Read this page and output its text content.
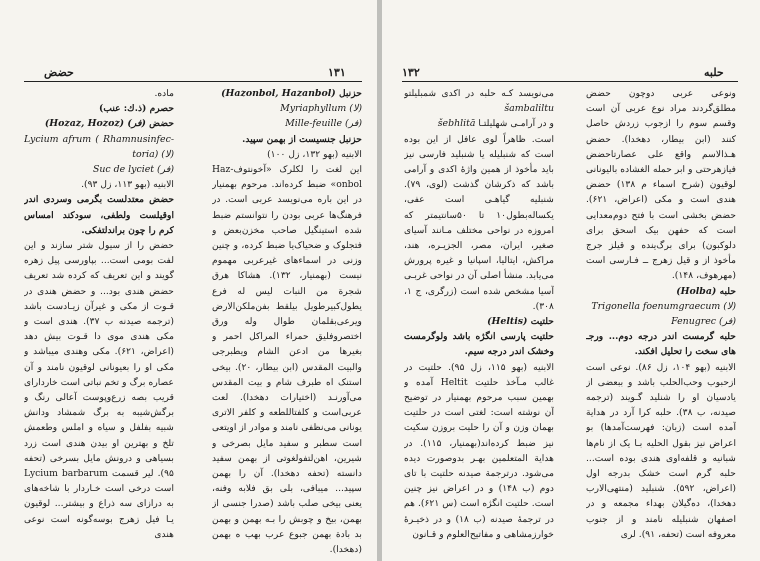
حضض	۱۳۱

حزنبل (Hazonbol, Hazanbol)

Myriaphyllum (لا)

Mille-feuille (فر)

حزنبل جنسیست از بهمن سپید.

الابنیه (بهو ۱۳۲، زل ۱۰۰)

این لغت را لکلرک «آخونتوف-Haz onbol» ضبط کرده‌اند. مرحوم بهمنیار در این باره می‌نویسد عربی است. در فرهنگ‌ها عربی بودن را نتوانستم ضبط شده استینگیل صاحب مخزن‌بعض و فتجلوک و ضحیاک‌یا ضبط کرده، و چنین وزنی در اسماء‌های غیرعربی مهموم نیست (بهمنیار، ۱۳۲). هشاکا هرق شجرة من النبات لیس له فرع یطول‌کبیرطویل بیلقط‌ بفن‌ملکن‌الارض ویرعی‌بقلمان‌ طوال وله ورق‌ اختصروفلیق‌ حمراء‌ المراکل‌ احمر و بغیرها من‌ ادعن‌ الشام‌ ویطبرجی‌ والبیت‌ المقدس (ابن بیطار، ۲۰). بیخی استنک‌ اه‌ طبرف‌ شام‌ و بیت‌ المقدس می‌آورنـد (اختیارات دهخدا). لعت عربی‌است و کلفتاللطعه‌ و کلفر الاتری یونانی می‌نظفی نامند و موادر از اویتعی است سطبر و سفید مایل بصرخی و شیرین، اهن‌لتفولغوتی از بهمن سفید دانسته (تحفه دهخدا). آن را بهمن سپید... میبافی، بلی بق فلابه وفنه، یعنی بیخی صلب باشد (صدرا جنسی از بهمن، بیخ و چوبش را بـه بهمن و بهمن بد بادة بهمن جبوع عرب‌ بهب ه بهمن (دهخدا).

ماده.

حصرم (ذ.ك: عنب)

حضض (Hozaz, Hozoz) (فر)

Lycium afrum ( Rhamnusinfec-toria) (لا)

Suc de lyciet (فر)

الابنیه (بهو ۱۱۳، زل ۹۳).

حضض معتدلست بگرمی وسردی اندر اوقیلست ولطفی، سودکند امساس کرم را چون براندلتفکی.

حضض را از سیول شتر سازند و این لفت بومی است... بپاورسی پیل‌ زهره گویند و این تعریف که کرده شد تعریف حضض هندی بود... و حضض هندی در قـوت از مکی و غیرآن زیـادست باشد (ترجمه صیدنه ب ۳۷). هندی است و مکی هندی موی دا قـوت بیش دهد (اعراض، ۶۲۱). مکی وهندی میباشد و مکی او را بعیونانی لوقیون نامند و آن عصاره برگ و تخم نباتی است خاردارای قریب بصه زرع‌وپوست‌ آعالی رنگ و برگش‌شیبه‌ به‌ برگ‌ شمشاد ودانش شبیه بفلفل و سیاه و املس وطعمش تلخ و بهترین او بیدن‌ هندی است زرد بسیاهی و درونش مایل بسرخی (تحفه ۹۵). لیر قسمت Lycium barbarum است درخی است خـاردار با شاخه‌های به درازای سه ذراع و بیشتر... لوقیون یـا فیل زهرج بوسه‌گونه است نوعی هندی

۱۳۲	حلبه

می‌نویسد کـه حلبه در اکدی شمبلیلتو šambalilt‌u

و در آرامـی شهلیلتـا šebhlitā

است. ظاهراً لوی عافل از این بوده است که شنبلیله یا شنبلید فارسی نیز باید مأخوذ از همین واژهٔ اکدی و آرامی باشد که ذکرشان گذشت (لوی، ۷۹). شنبلیه گیاهـی است عفی، یکساله‌بطول۱۰ تا ۵۰سانتیمتر که امروزه در نواحی مختلف مـانند آسیای صغیر، ایران، مصر، الجزیـره، هند، مراکش، ایتالیا، اسپانیا و غیره پرورش می‌یابد. منشأ اصلی آن در نواحی غربـی آسیا مشخص شده است (زرگری، ج ۱، ۳۰۸).

حلتیت (Heltis)

حلتیت پارسی انگژه باشد ولوگرمست وخشک اندر درجه سیم.

الابنیه (بهو ۱۱۵، زل ۹۵). حلتیت در غالب مـآخذ حلتیت Heltit آمده و بهمین سبب مرحوم بهمنیار در توضیح آن نوشته است: لغتی است در حلتیت بهمان وزن و آن را حلیت بروزن سکیت نیز ضبط کرده‌اند(بهمنیار، ۱۱۵). در هدایة‌ المتعلمین بهـر بدوصورت دیده می‌شود. درترجمة صیدنه حلتیت با تای دوم (ب ۱۴۸) و در اعراض نیز چنین است. حلتیت انگژه است (س ۶۲۱). هم در ترجمهٔ صیدنه (ب ۱۸) و در ذخیـرهٔ خوارزمشاهی و مفاتیح‌العلوم و قـانون

ونوعی عربی دوچون حضض مطلق‌گردند مراد نوع عربی آن است وقسم سوم را ازجوب زردش حاصل کنند (ابن بیطار، دهخدا). حضض هـذالاسم واقع علی عصارتاحضض فیازهرحتی و ابر حمله الغشاده بالیونانی لوقیون (شرح اسماء م ۱۳۸) حضض هندی است و مکی (اعراض، ۶۲۱). حضض بخشی است با فتح دوم‌معدایی است که حفهن‌ بیک اسحق برای دلوکبون) برای برگ‌ینده و قیلز جرج مأخوذ از و قیل زهرج ــ فـارسی است (مهرهوف، ۱۴۸).

حلبه (Holba)

Trigonella foenumgraecum (لا)

Fenugrec (فر)

حلبه گرمست اندر درجه دوم... ورجـ هاى سخت را تحلیل افکند.

الابنیه (بهو ۱۰۴، زل ۸۶). نوعی است ازحبوب وحب‌الحلب باشد و ببعضی از یادسیان او را شنلید گـویند (ترجمه صیدنه، ب ۳۸). حلبه کرا آرد در هدایة آمده است (زبان: فهرست‌آمدها) بو اعراض نیز بقول الحلیه بـا یک از نام‌ها شبانیه و قلفه‌اوی هندی بوده‌ است... حلبه گرم است خشک بدرجه اول (اعراض، ۵۹۲). شنبلید (منتهی‌الارب دهخدا)، ده‌گیلان بهداء مجمعه و در اصفهان شنبلیله نامند و از جنوب معروفه است (تحفه، ۹۱). لری
